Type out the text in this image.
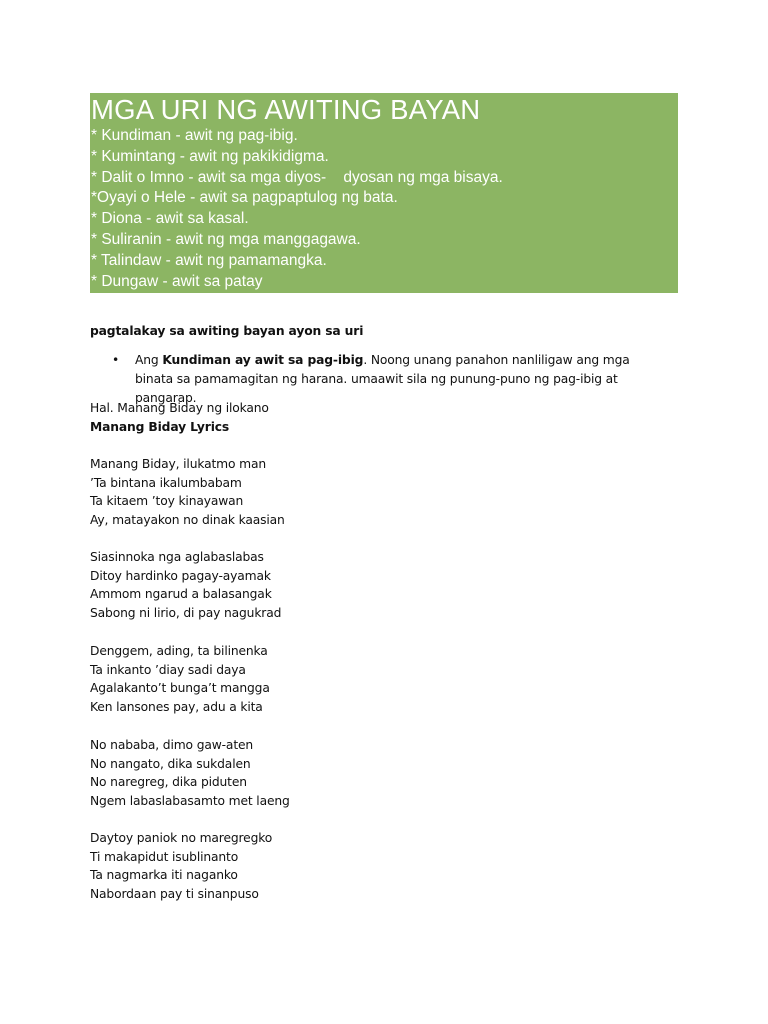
MGA URI NG AWITING BAYAN
* Kundiman - awit ng pag-ibig.
* Kumintang - awit ng pakikidigma.
* Dalit o Imno - awit sa mga diyos-    dyosan ng mga bisaya.
*Oyayi o Hele - awit sa pagpaptulog ng bata.
* Diona - awit sa kasal.
* Suliranin - awit ng mga manggagawa.
* Talindaw - awit ng pamamangka.
* Dungaw - awit sa patay
pagtalakay sa awiting bayan ayon sa uri
• Ang Kundiman ay awit sa pag-ibig. Noong unang panahon nanliligaw ang mga binata sa pamamagitan ng harana. umaawit sila ng punung-puno ng pag-ibig at pangarap.
Hal. Manang Biday ng ilokano
Manang Biday Lyrics
Manang Biday, ilukatmo man
’Ta bintana ikalumbabam
Ta kitaem ’toy kinayawan
Ay, matayakon no dinak kaasian
Siasinnoka nga aglabaslabas
Ditoy hardinko pagay-ayamak
Ammom ngarud a balasangak
Sabong ni lirio, di pay nagukrad
Denggem, ading, ta bilinenka
Ta inkanto ’diay sadi daya
Agalakanto’t bunga’t mangga
Ken lansones pay, adu a kita
No nababa, dimo gaw-aten
No nangato, dika sukdalen
No naregreg, dika piduten
Ngem labaslabasamto met laeng
Daytoy paniok no maregregko
Ti makapidut isublinanto
Ta nagmarka iti naganko
Nabordaan pay ti sinanpuso
